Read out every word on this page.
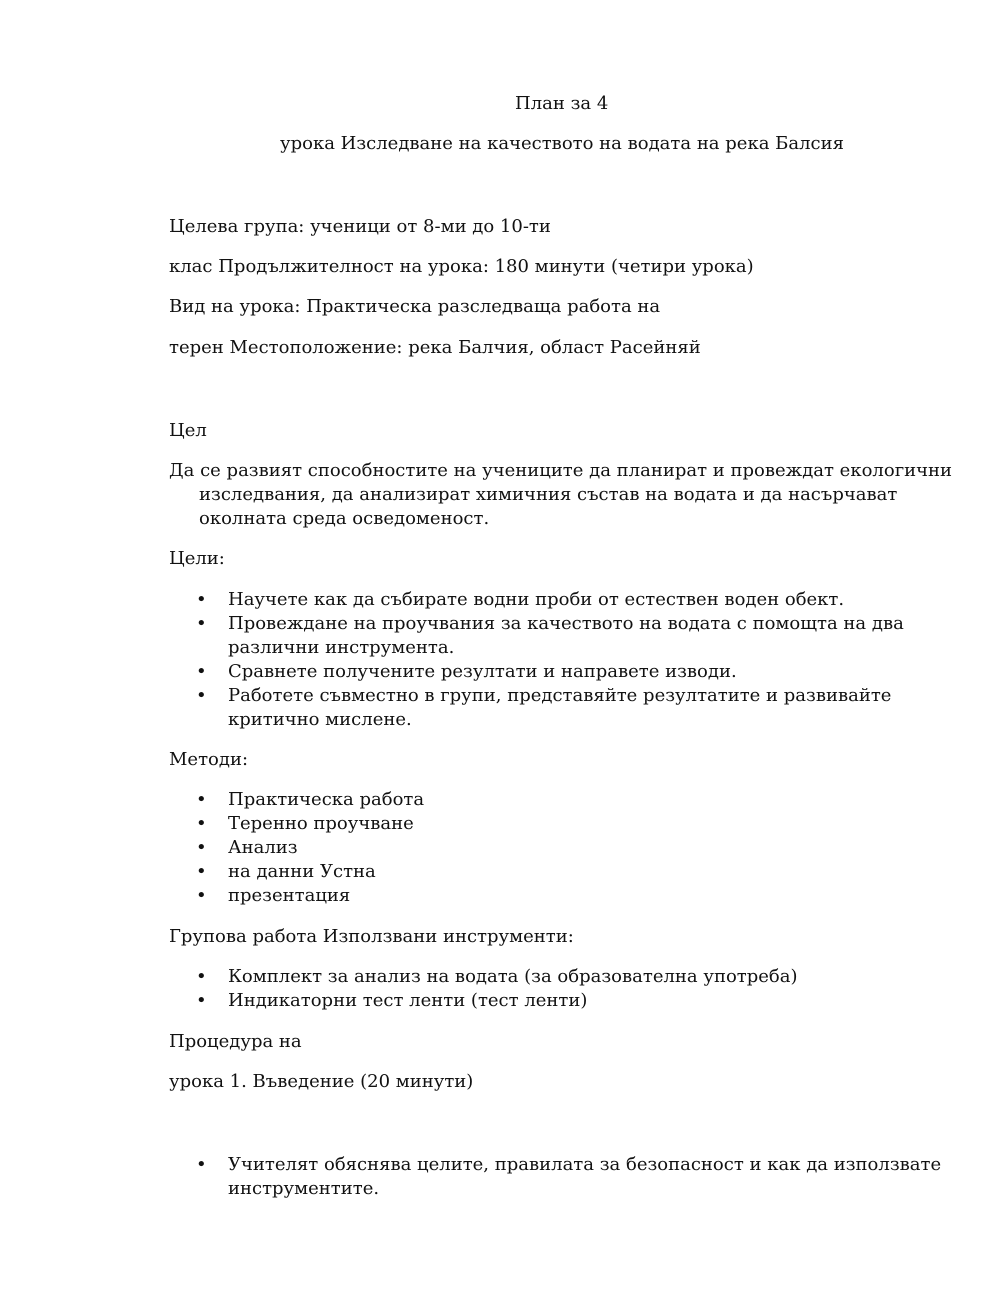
План за 4
урока Изследване на качеството на водата на река Балсия
Целева група: ученици от 8-ми до 10-ти
клас Продължителност на урока: 180 минути (четири урока)
Вид на урока: Практическа разследваща работа на
терен Местоположение: река Балчия, област Расейняй
Цел
Да се развият способностите на учениците да планират и провеждат екологични изследвания, да анализират химичния състав на водата и да насърчават околната среда осведоменост.
Цели:
•	Научете как да събирате водни проби от естествен воден обект.
•	Провеждане на проучвания за качеството на водата с помощта на два различни инструмента.
•	Сравнете получените резултати и направете изводи.
•	Работете съвместно в групи, представяйте резултатите и развивайте критично мислене.
Методи:
•	Практическа работа
•	Теренно проучване
•	Анализ
•	на данни Устна
•	презентация
Групова работа Използвани инструменти:
•	Комплект за анализ на водата (за образователна употреба)
•	Индикаторни тест ленти (тест ленти)
Процедура на
урока 1. Въведение (20 минути)
•	Учителят обяснява целите, правилата за безопасност и как да използвате инструментите.
